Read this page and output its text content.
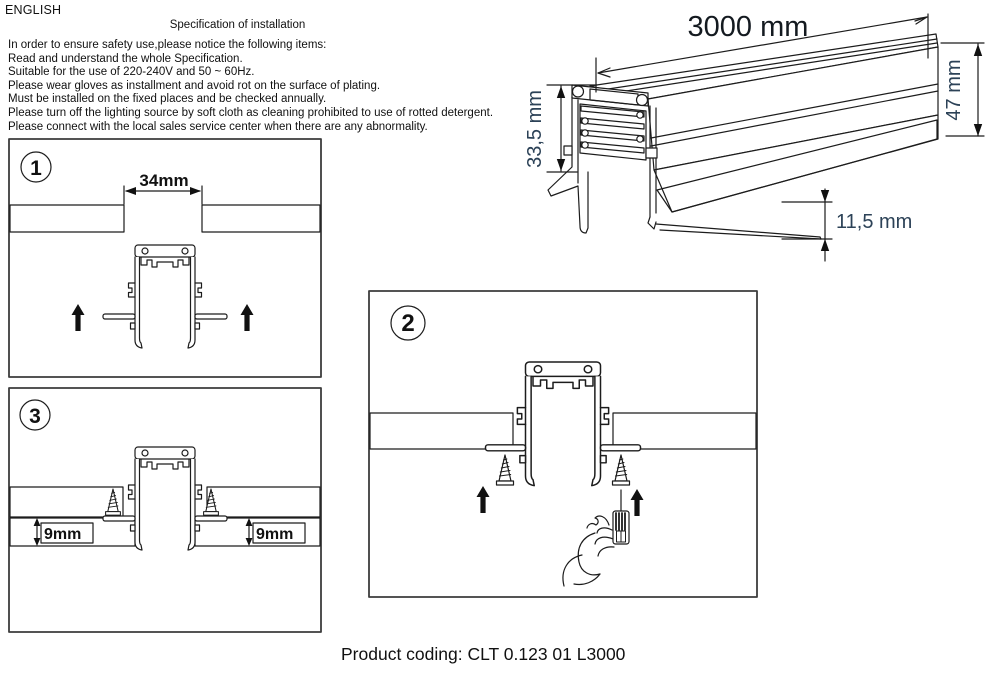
ENGLISH
Specification of installation
In order to ensure safety use,please notice the following items:
Read and understand the whole Specification.
Suitable for the use of 220-240V and 50 ~ 60Hz.
Please wear gloves as installment and avoid rot on the surface of plating.
Must be installed on the fixed places and be checked annually.
Please turn off the lighting source by soft cloth as cleaning prohibited to use of rotted detergent.
Please connect with the local sales service center when there are any abnormality.
3000 mm
47 mm
33,5 mm
11,5 mm
1
34mm
3
9mm	9mm
2
Product coding: CLT 0.123 01 L3000
